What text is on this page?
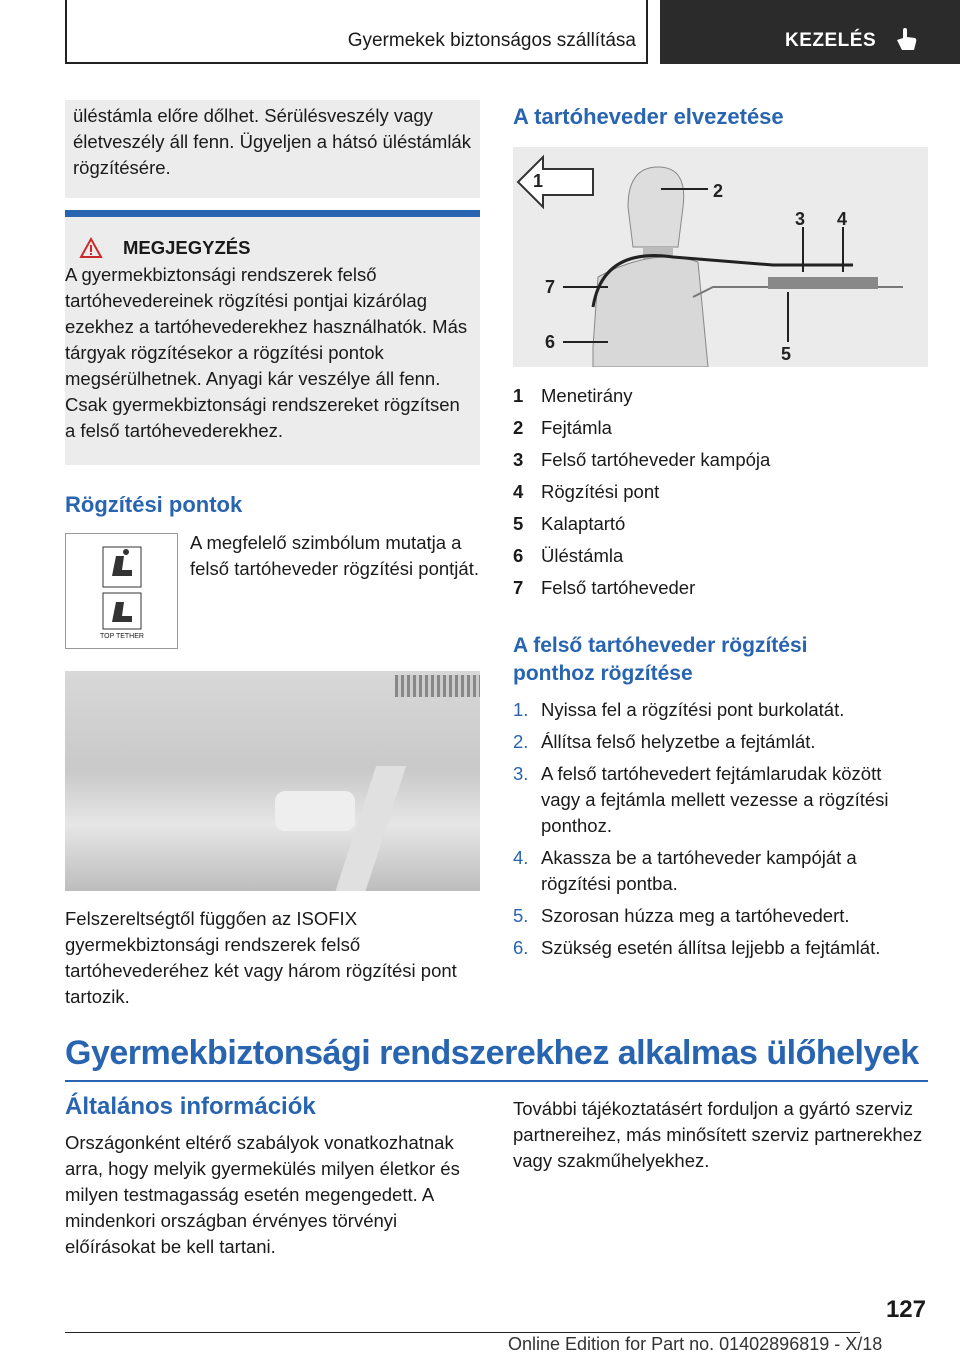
Gyermekek biztonságos szállítása	KEZELÉS

üléstámla előre dőlhet. Sérülésveszély vagy életveszély áll fenn. Ügyeljen a hátsó üléstámlák rögzítésére.

MEGJEGYZÉS

A gyermekbiztonsági rendszerek felső tartóhevedereinek rögzítési pontjai kizárólag ezekhez a tartóhevederekhez használhatók. Más tárgyak rögzítésekor a rögzítési pontok megsérülhetnek. Anyagi kár veszélye áll fenn. Csak gyermekbiztonsági rendszereket rögzítsen a felső tartóhevederekhez.

Rögzítési pontok
TOP TETHER
A megfelelő szimbólum mutatja a felső tartóheveder rögzítési pontját.
Felszereltségtől függően az ISOFIX gyermekbiztonsági rendszerek felső tartóhevederéhez két vagy három rögzítési pont tartozik.
A tartóheveder elvezetése
1	2
3 4
5
6
7
1 Menetirány
2 Fejtámla
3 Felső tartóheveder kampója
4 Rögzítési pont
5 Kalaptartó
6 Üléstámla
7 Felső tartóheveder
A felső tartóheveder rögzítési ponthoz rögzítése
1. Nyissa fel a rögzítési pont burkolatát.
2. Állítsa felső helyzetbe a fejtámlát.
3. A felső tartóhevedert fejtámlarudak között vagy a fejtámla mellett vezesse a rögzítési ponthoz.
4. Akassza be a tartóheveder kampóját a rögzítési pontba.
5. Szorosan húzza meg a tartóhevedert.
6. Szükség esetén állítsa lejjebb a fejtámlát.
Gyermekbiztonsági rendszerekhez alkalmas ülőhelyek
Általános információk
Országonként eltérő szabályok vonatkozhatnak arra, hogy melyik gyermekülés milyen életkor és milyen testmagasság esetén megengedett. A mindenkori országban érvényes törvényi előírásokat be kell tartani.
További tájékoztatásért forduljon a gyártó szerviz partnereihez, más minősített szerviz partnerekhez vagy szakműhelyekhez.
127
Online Edition for Part no. 01402896819 - X/18
